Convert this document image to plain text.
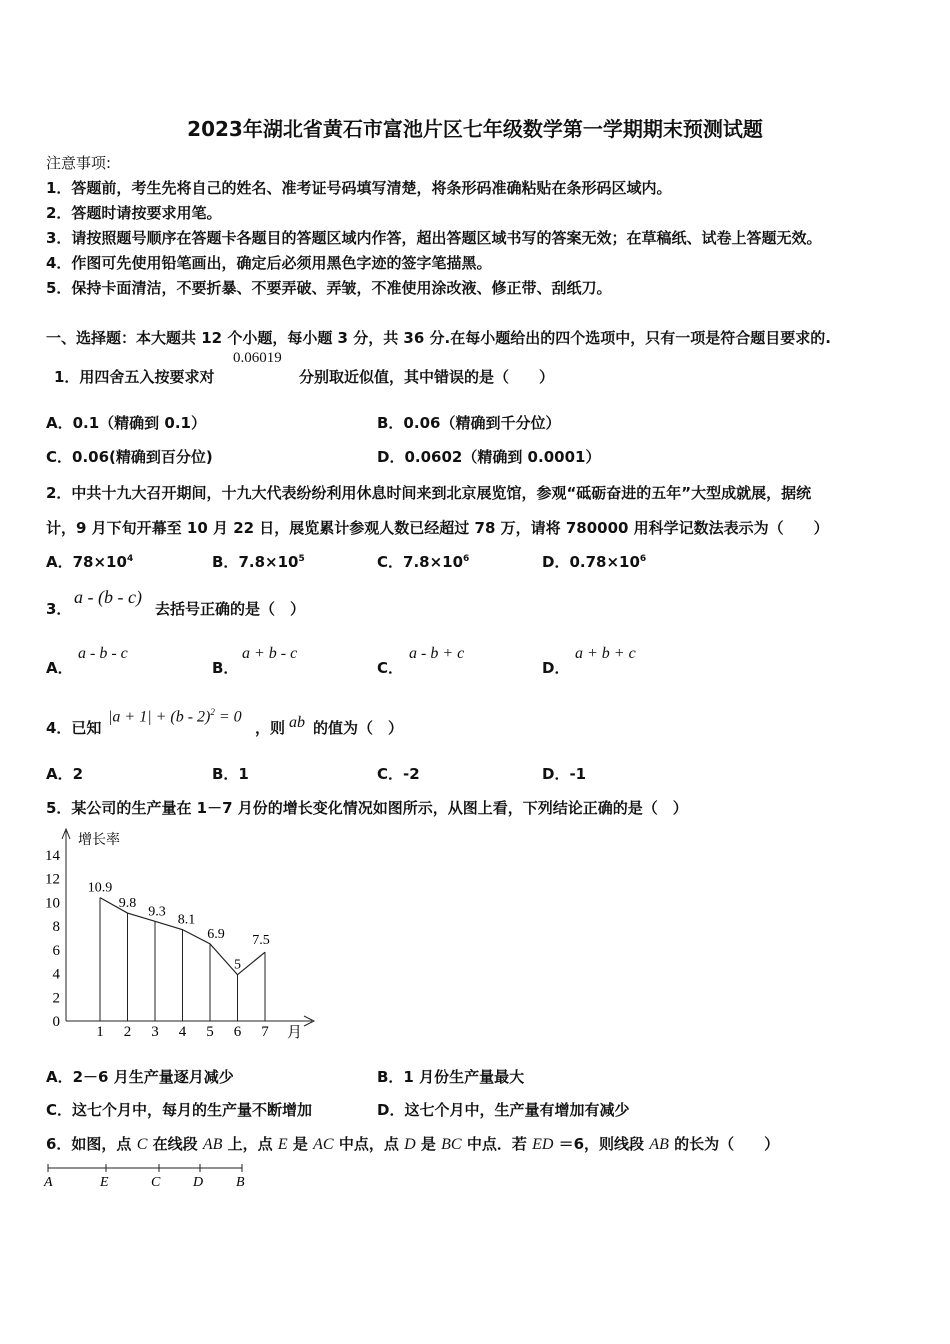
2023年湖北省黄石市富池片区七年级数学第一学期期末预测试题
注意事项:
1．答题前，考生先将自己的姓名、准考证号码填写清楚，将条形码准确粘贴在条形码区域内。
2．答题时请按要求用笔。
3．请按照题号顺序在答题卡各题目的答题区域内作答，超出答题区域书写的答案无效；在草稿纸、试卷上答题无效。
4．作图可先使用铅笔画出，确定后必须用黑色字迹的签字笔描黑。
5．保持卡面清洁，不要折暴、不要弄破、弄皱，不准使用涂改液、修正带、刮纸刀。
一、选择题：本大题共 12 个小题，每小题 3 分，共 36 分.在每小题给出的四个选项中，只有一项是符合题目要求的.
1．用四舍五入按要求对
0.06019
分别取近似值，其中错误的是（　　）
A．0.1（精确到 0.1）	B．0.06（精确到千分位）
C．0.06(精确到百分位)	D．0.0602（精确到 0.0001）
2．中共十九大召开期间，十九大代表纷纷利用休息时间来到北京展览馆，参观“砥砺奋进的五年”大型成就展，据统
计，9 月下旬开幕至 10 月 22 日，展览累计参观人数已经超过 78 万，请将 780000 用科学记数法表示为（　　）
A．$78\times 10^4$	B．$7.8\times 10^5$	C．$7.8\times 10^6$	D．$0.78\times 10^6$
3．
a - (b - c)
去括号正确的是（　）
A．
a - b - c
B．
a + b - c
C．
a - b + c
D．
a + b + c
4．已知
|a + 1| + (b - 2)$^2$ = 0
，则 ab 的值为（　）
A．2	B．1	C．-2	D．-1
5．某公司的生产量在 1－7 月份的增长变化情况如图所示，从图上看，下列结论正确的是（　）
增长率
月
0
2
4
6
8
10
12
14
1 2 3 4 5 6 7
10.9
9.8
9.3
8.1
6.9
5
7.5
A．2－6 月生产量逐月减少	B．1 月份生产量最大
C．这七个月中，每月的生产量不断增加	D．这七个月中，生产量有增加有减少
6．如图，点 C 在线段 AB 上，点 E 是 AC 中点，点 D 是 BC 中点．若 ED ＝6，则线段 AB 的长为（　　）
A	E	C D B
